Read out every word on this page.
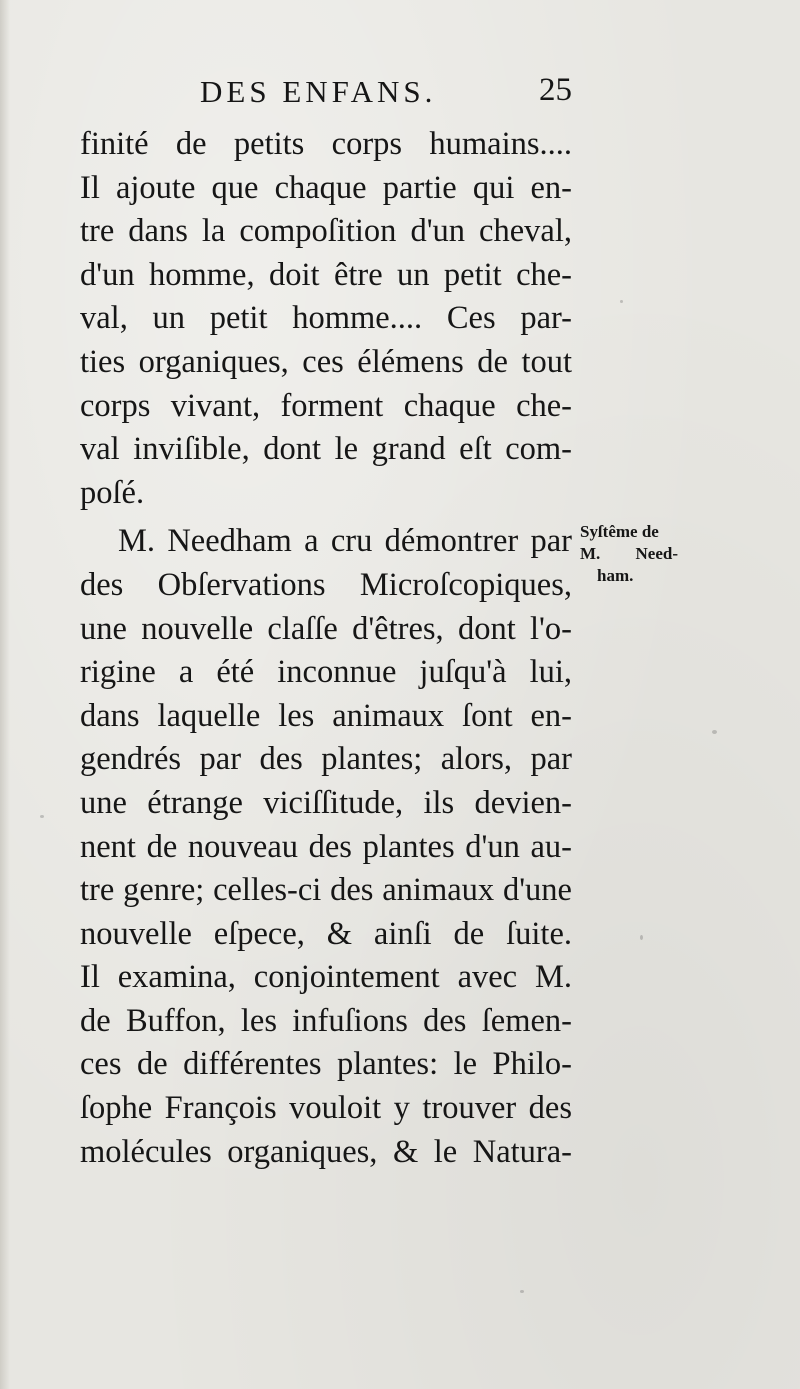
DES ENFANS.	25
finité de petits corps humains....
Il ajoute que chaque partie qui en-
tre dans la compoſition d'un cheval,
d'un homme, doit être un petit che-
val, un petit homme.... Ces par-
ties organiques, ces élémens de tout
corps vivant, forment chaque che-
val inviſible, dont le grand eſt com-
poſé.
M. Needham a cru démontrer par
des Obſervations Microſcopiques,
une nouvelle claſſe d'êtres, dont l'o-
rigine a été inconnue juſqu'à lui,
dans laquelle les animaux ſont en-
gendrés par des plantes; alors, par
une étrange viciſſitude, ils devien-
nent de nouveau des plantes d'un au-
tre genre; celles-ci des animaux d'une
nouvelle eſpece, & ainſi de ſuite.
Il examina, conjointement avec M.
de Buffon, les infuſions des ſemen-
ces de différentes plantes: le Philo-
ſophe François vouloit y trouver des
molécules organiques, & le Natura-
Syſtême de
M. Need-
ham.
